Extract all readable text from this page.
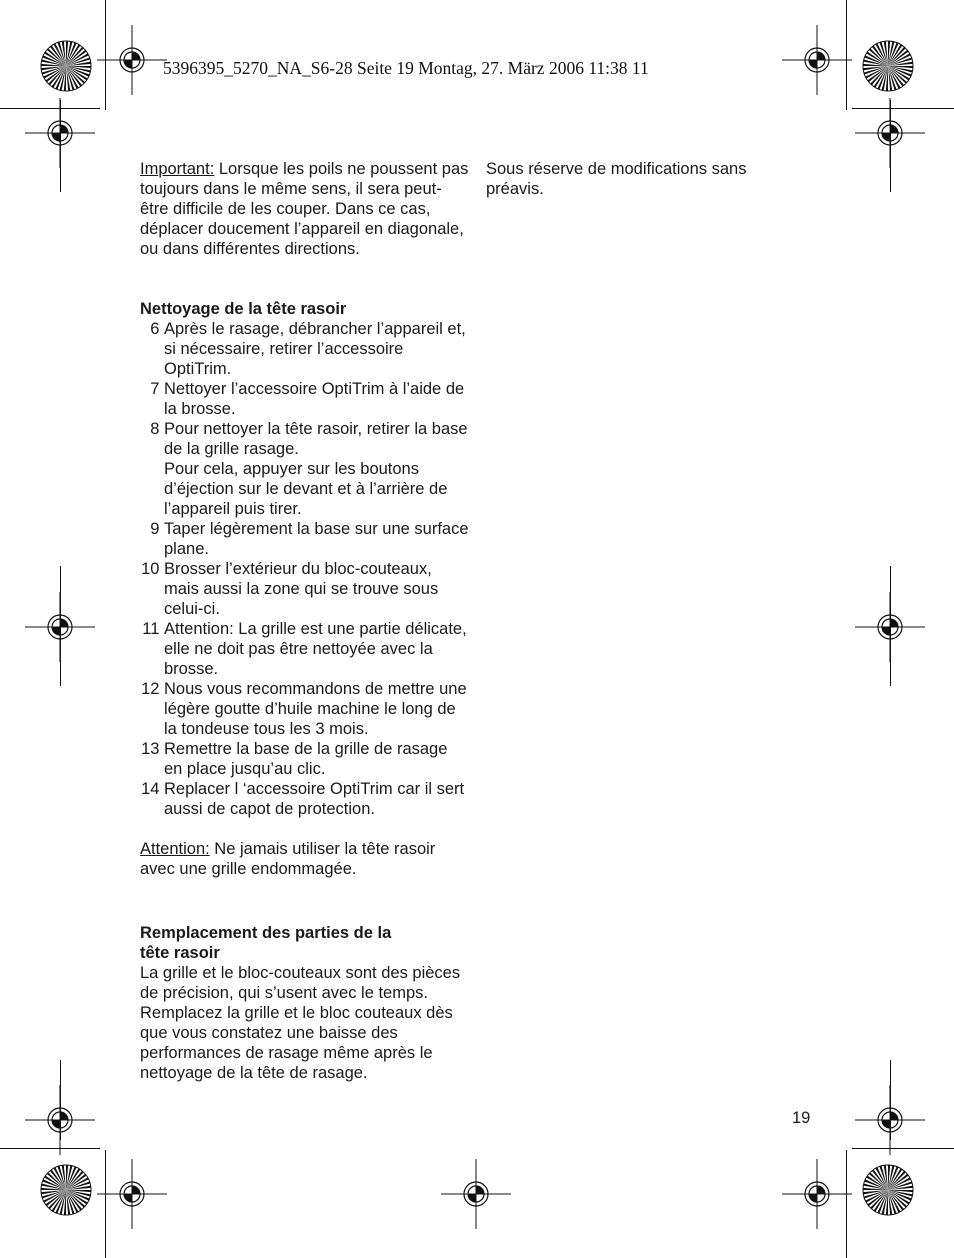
5396395_5270_NA_S6-28 Seite 19 Montag, 27. März 2006 11:38 11

Important: Lorsque les poils ne poussent pas toujours dans le même sens, il sera peut-être difficile de les couper. Dans ce cas, déplacer doucement l’appareil en diagonale, ou dans différentes directions.

Nettoyage de la tête rasoir

6 Après le rasage, débrancher l’appareil et, si nécessaire, retirer l’accessoire OptiTrim.
7 Nettoyer l’accessoire OptiTrim à l’aide de la brosse.
8 Pour nettoyer la tête rasoir, retirer la base de la grille rasage.
Pour cela, appuyer sur les boutons d’éjection sur le devant et à l’arrière de l’appareil puis tirer.
9 Taper légèrement la base sur une surface plane.
10 Brosser l’extérieur du bloc-couteaux, mais aussi la zone qui se trouve sous celui-ci.
11 Attention: La grille est une partie délicate, elle ne doit pas être nettoyée avec la brosse.
12 Nous vous recommandons de mettre une légère goutte d’huile machine le long de la tondeuse tous les 3 mois.
13 Remettre la base de la grille de rasage en place jusqu’au clic.
14 Replacer l ‘accessoire OptiTrim car il sert aussi de capot de protection.

Attention: Ne jamais utiliser la tête rasoir avec une grille endommagée.

Remplacement des parties de la

tête rasoir

La grille et le bloc-couteaux sont des pièces de précision, qui s’usent avec le temps. Remplacez la grille et le bloc couteaux dès que vous constatez une baisse des performances de rasage même après le nettoyage de la tête de rasage.

Sous réserve de modifications sans préavis.

19
